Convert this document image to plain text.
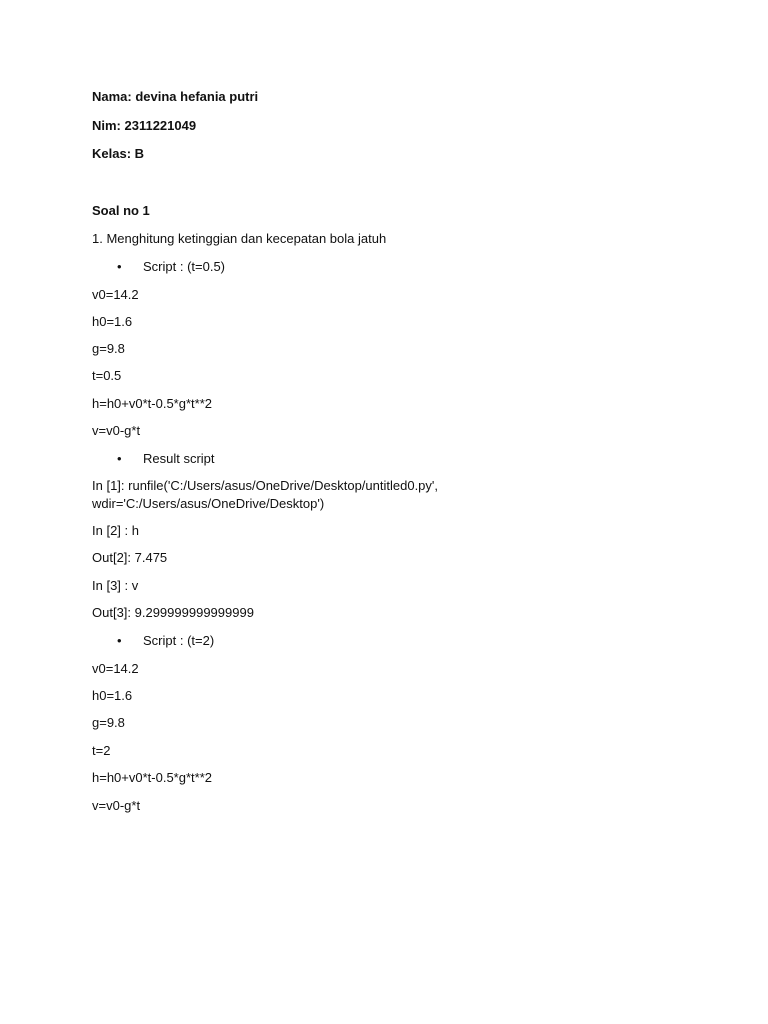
Nama: devina hefania putri
Nim: 2311221049
Kelas: B
Soal no 1
1. Menghitung ketinggian dan kecepatan bola jatuh
• Script : (t=0.5)
v0=14.2
h0=1.6
g=9.8
t=0.5
h=h0+v0*t-0.5*g*t**2
v=v0-g*t
• Result script
In [1]: runfile('C:/Users/asus/OneDrive/Desktop/untitled0.py',
wdir='C:/Users/asus/OneDrive/Desktop')
In [2] : h
Out[2]: 7.475
In [3] : v
Out[3]: 9.299999999999999
• Script : (t=2)
v0=14.2
h0=1.6
g=9.8
t=2
h=h0+v0*t-0.5*g*t**2
v=v0-g*t
